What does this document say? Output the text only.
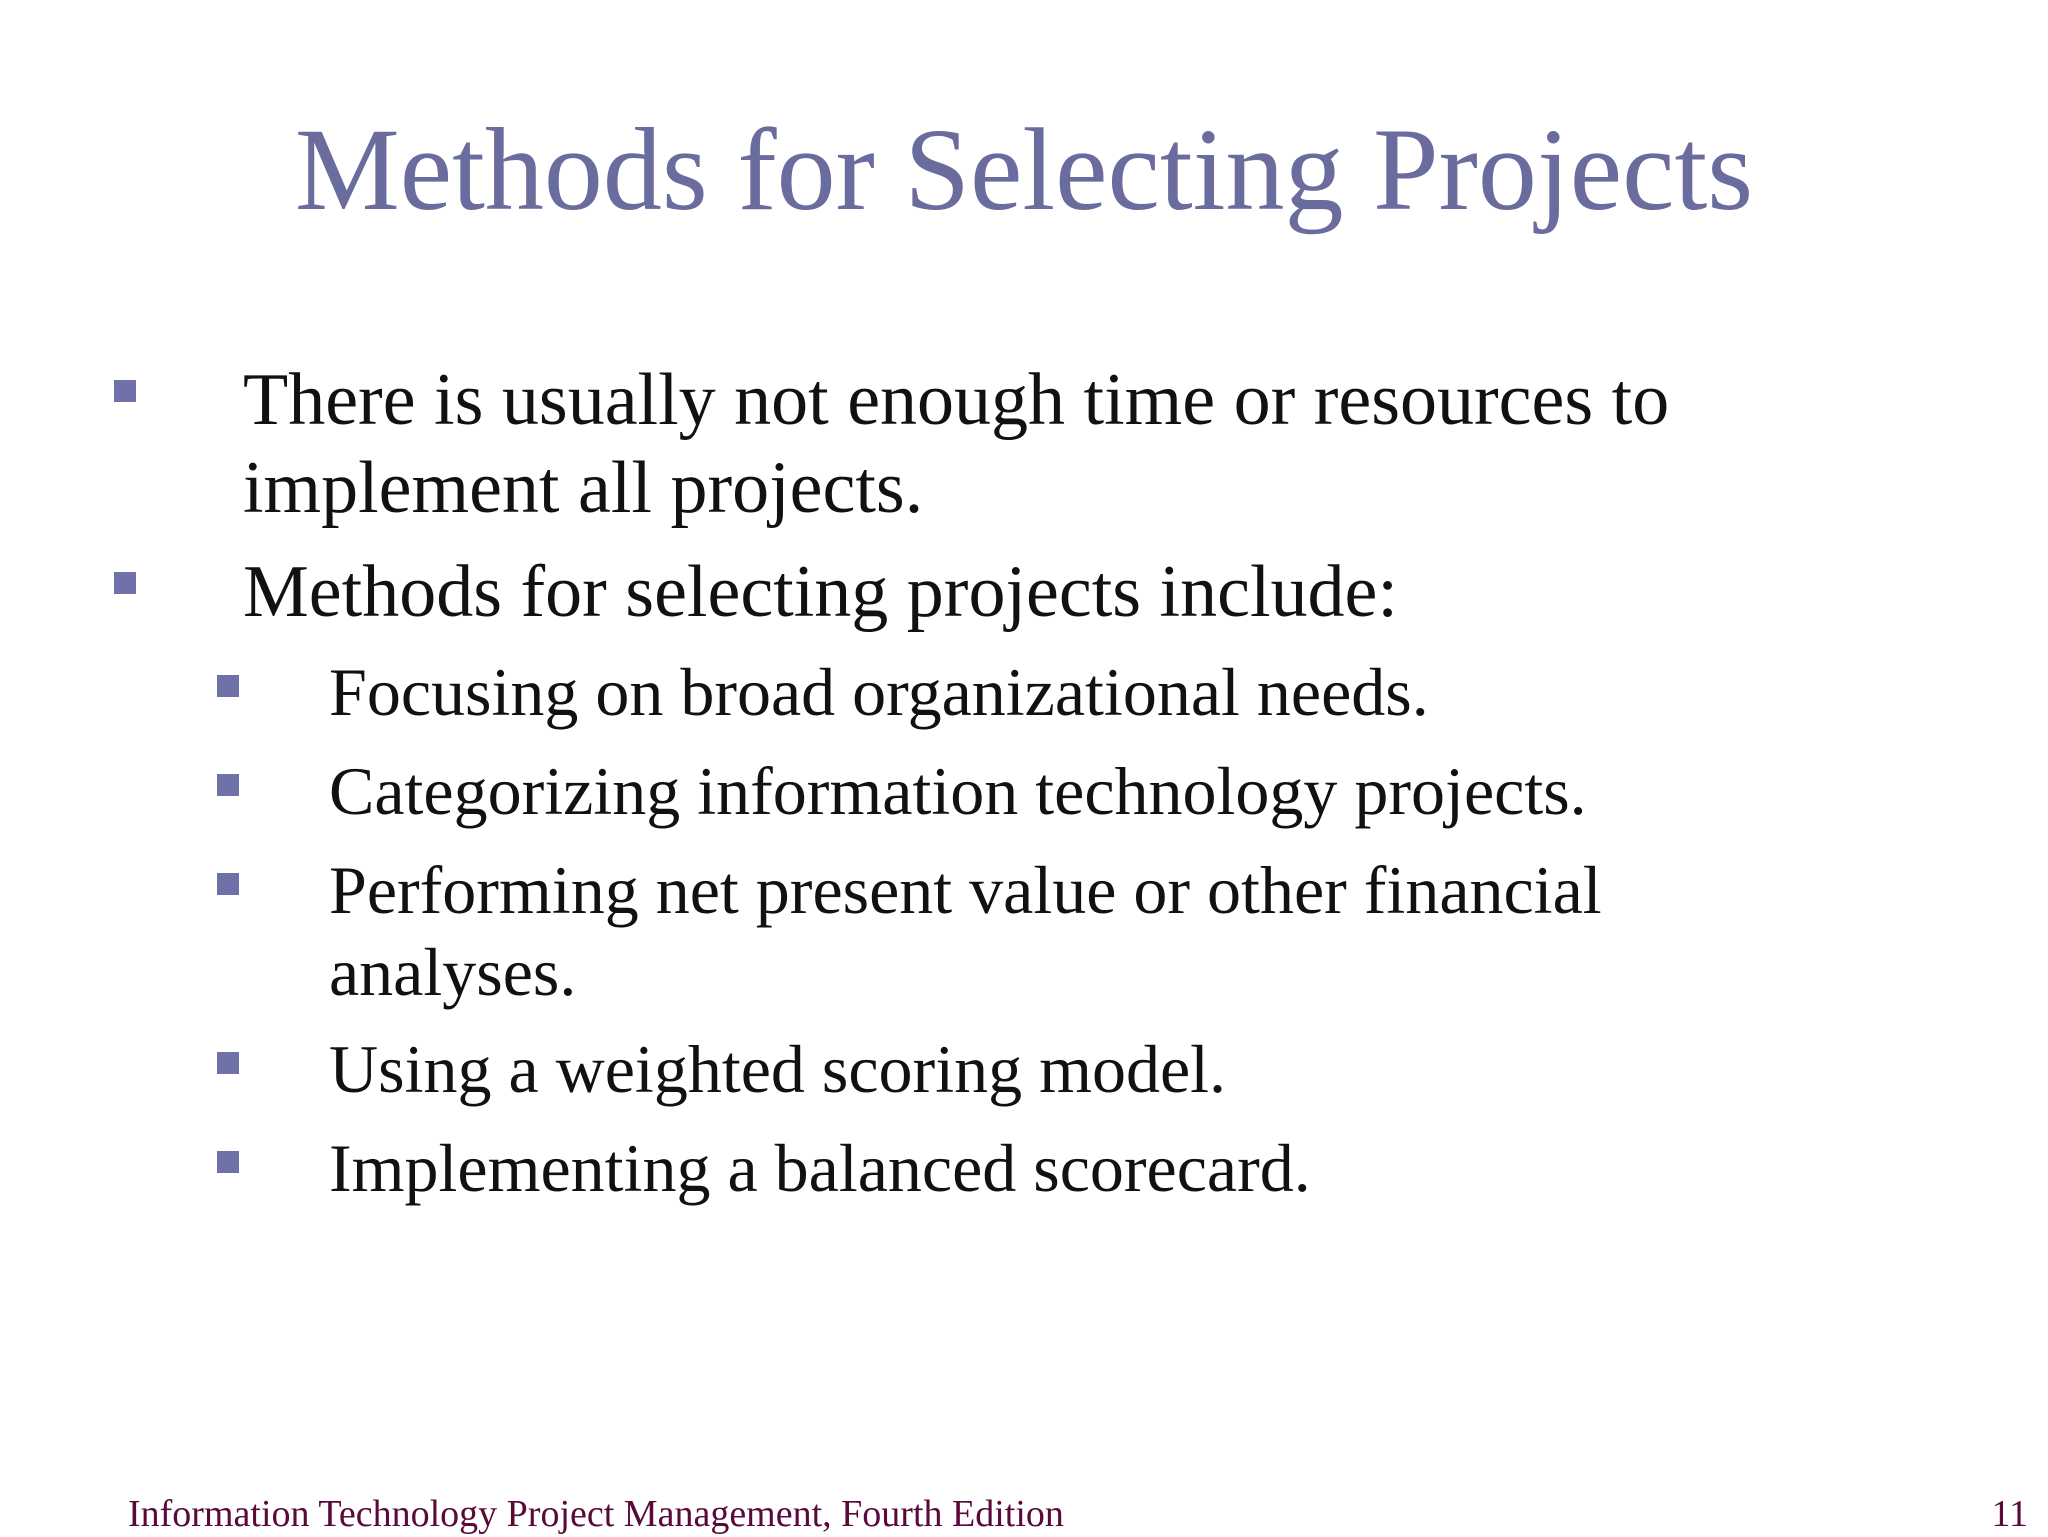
Methods for Selecting Projects
There is usually not enough time or resources to
implement all projects.
Methods for selecting projects include:
Focusing on broad organizational needs.
Categorizing information technology projects.
Performing net present value or other financial
analyses.
Using a weighted scoring model.
Implementing a balanced scorecard.
Information Technology Project Management, Fourth Edition	11
